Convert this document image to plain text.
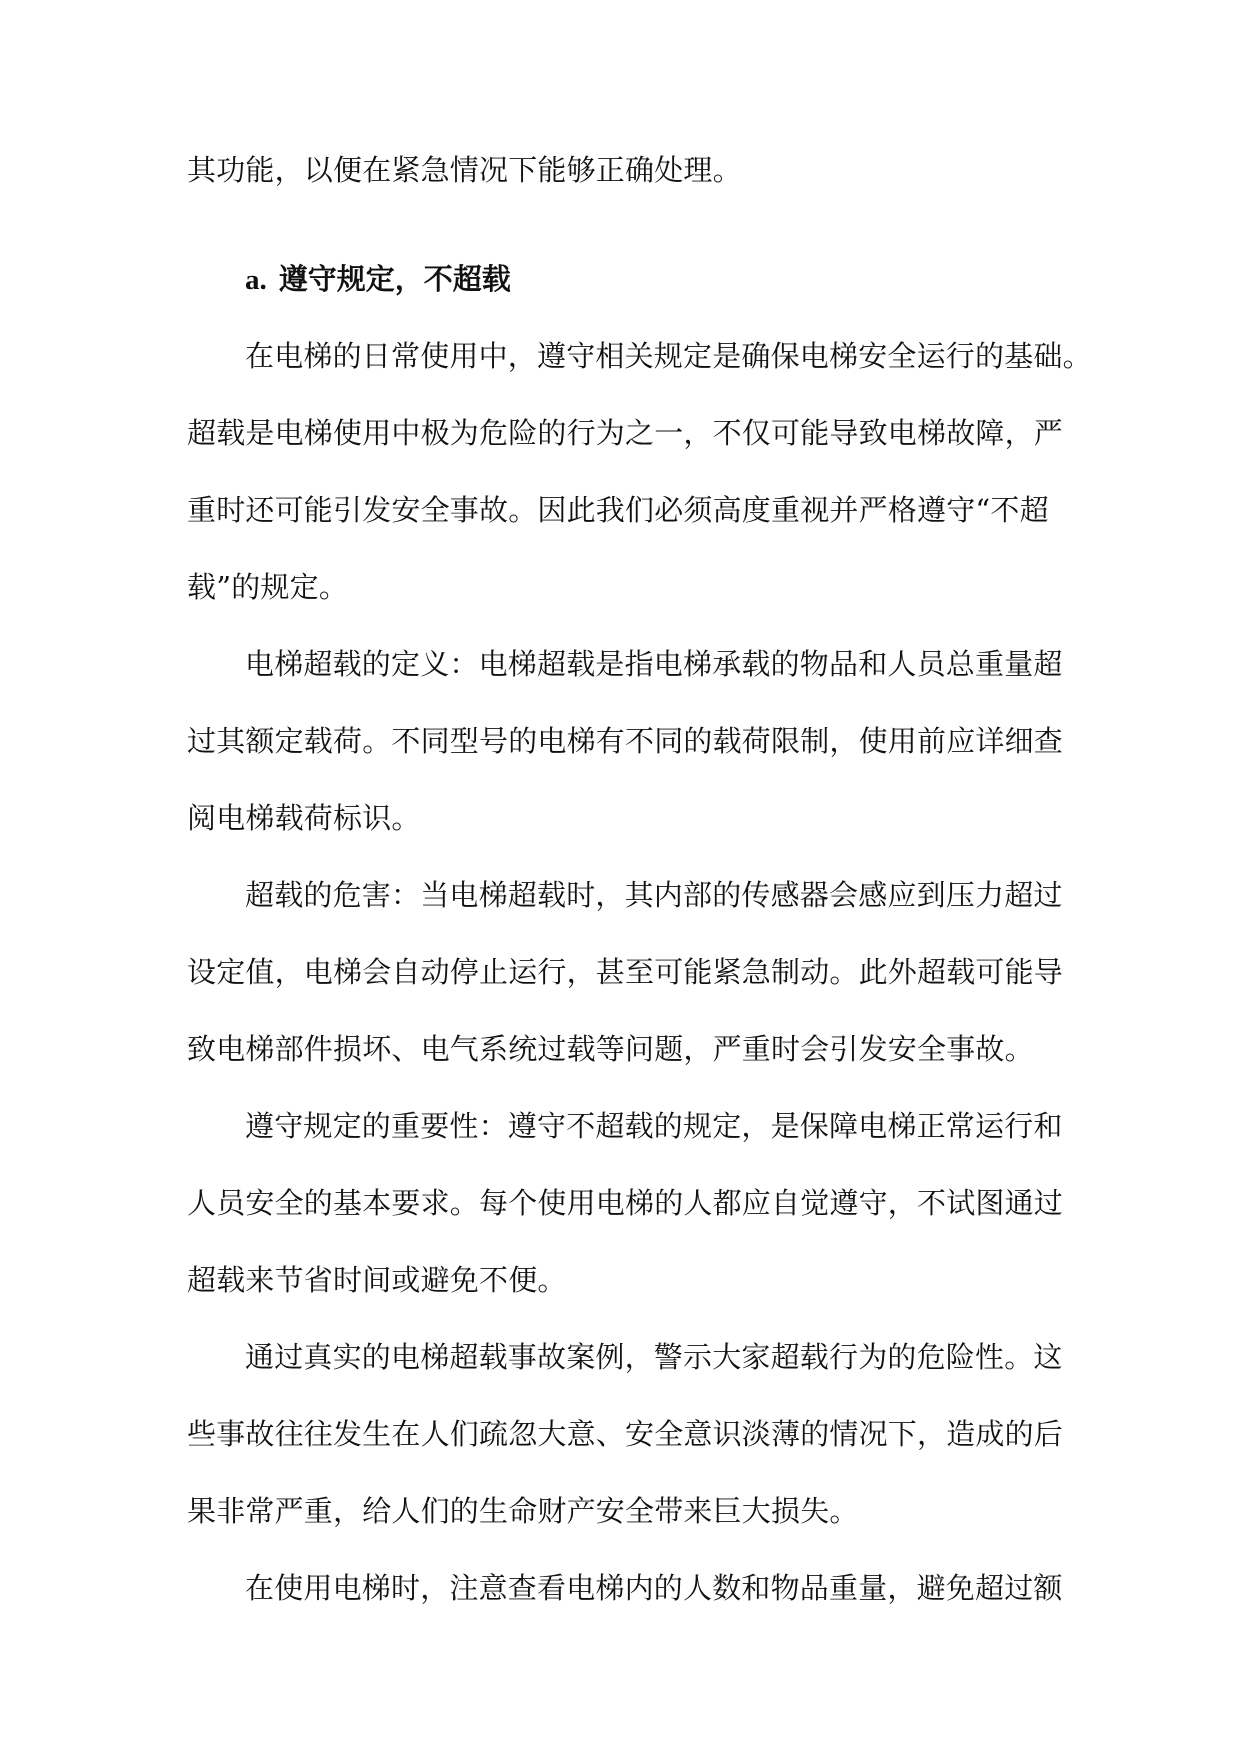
其功能，以便在紧急情况下能够正确处理。
a. 遵守规定，不超载
在电梯的日常使用中，遵守相关规定是确保电梯安全运行的基础。
超载是电梯使用中极为危险的行为之一，不仅可能导致电梯故障，严
重时还可能引发安全事故。因此我们必须高度重视并严格遵守“不超
载”的规定。
电梯超载的定义：电梯超载是指电梯承载的物品和人员总重量超
过其额定载荷。不同型号的电梯有不同的载荷限制，使用前应详细查
阅电梯载荷标识。
超载的危害：当电梯超载时，其内部的传感器会感应到压力超过
设定值，电梯会自动停止运行，甚至可能紧急制动。此外超载可能导
致电梯部件损坏、电气系统过载等问题，严重时会引发安全事故。
遵守规定的重要性：遵守不超载的规定，是保障电梯正常运行和
人员安全的基本要求。每个使用电梯的人都应自觉遵守，不试图通过
超载来节省时间或避免不便。
通过真实的电梯超载事故案例，警示大家超载行为的危险性。这
些事故往往发生在人们疏忽大意、安全意识淡薄的情况下，造成的后
果非常严重，给人们的生命财产安全带来巨大损失。
在使用电梯时，注意查看电梯内的人数和物品重量，避免超过额
